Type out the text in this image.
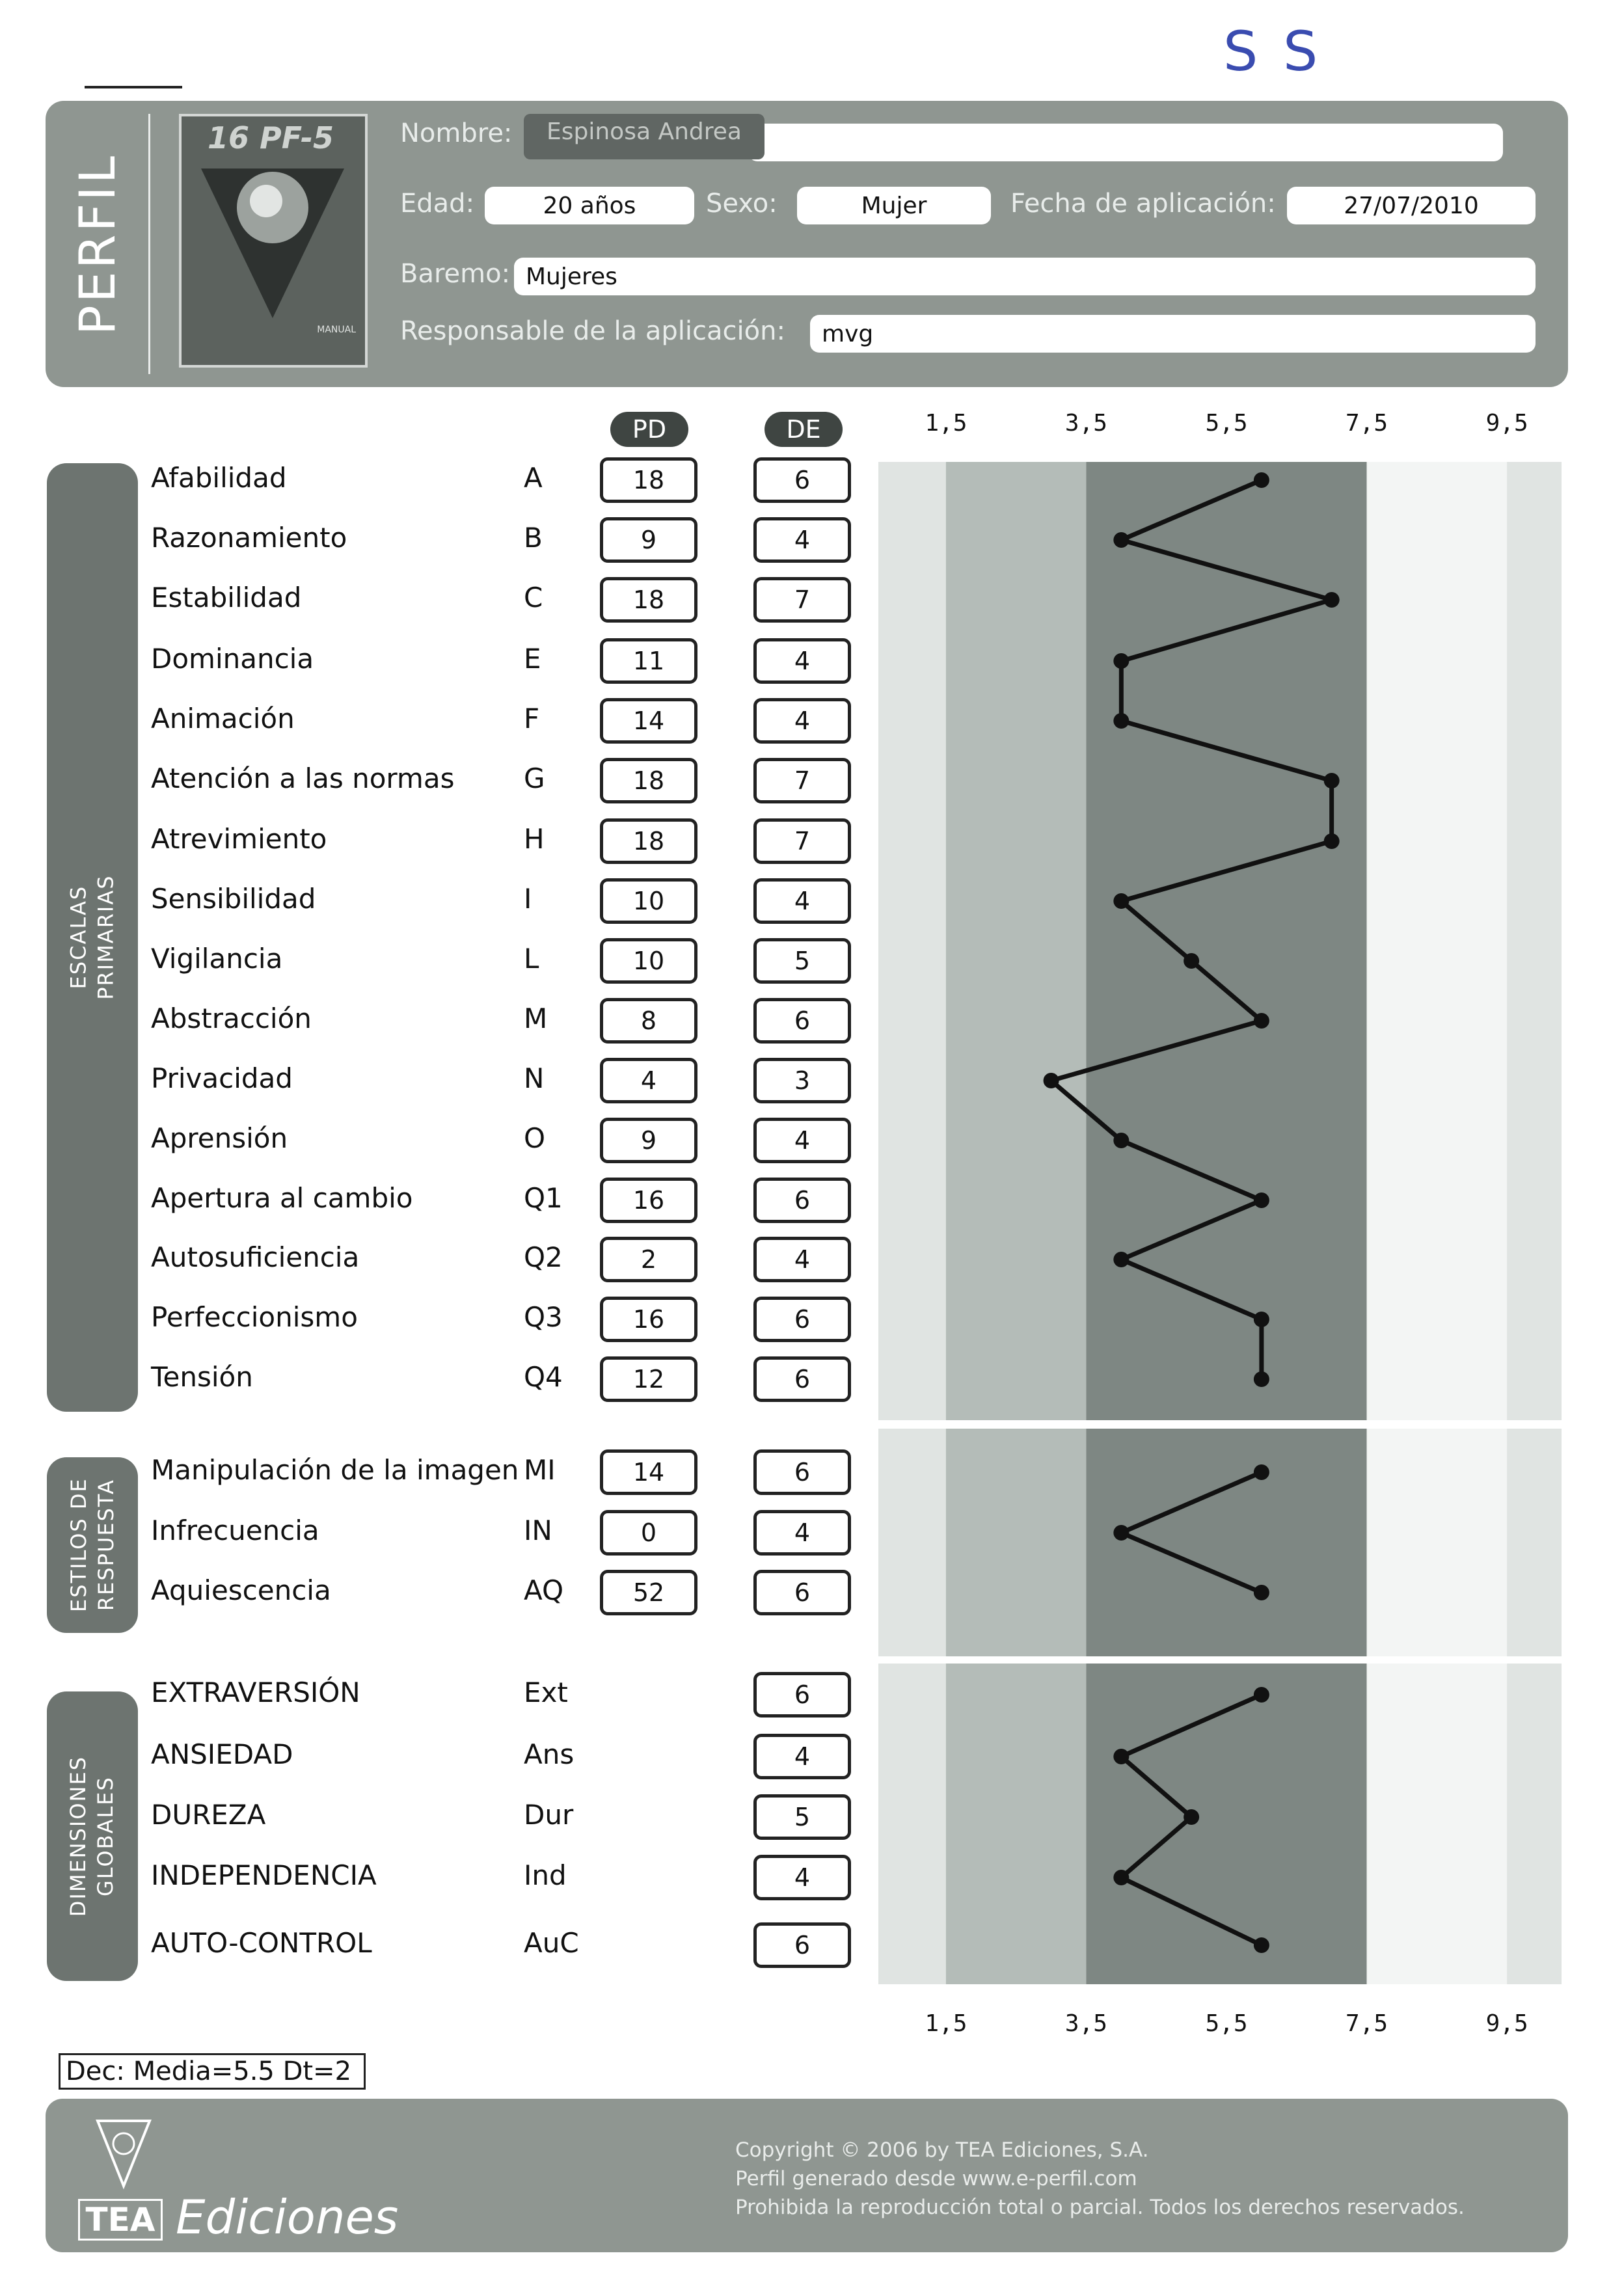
S S
PERFIL
16 PF-5
MANUAL
Nombre: Espinosa Andrea
Edad:	20 años	Sexo:	Mujer	Fecha de aplicación:	27/07/2010
Baremo: Mujeres
Responsable de la aplicación:	mvg
PD	DE	1,5	3,5	5,5	7,5	9,5
1,5	3,5	5,5	7,5	9,5
ESCALAS PRIMARIAS
ESTILOS DE RESPUESTA
DIMENSIONES GLOBALES
Afabilidad	A	18	6
Razonamiento	B	9	4
Estabilidad	C	18	7
Dominancia	E	11	4
Animación	F	14	4
Atención a las normas	G	18	7
Atrevimiento	H	18	7
Sensibilidad	I	10	4
Vigilancia	L	10	5
Abstracción	M	8	6
Privacidad	N	4	3
Aprensión	O	9	4
Apertura al cambio	Q1	16	6
Autosuficiencia	Q2	2	4
Perfeccionismo	Q3	16	6
Tensión	Q4	12	6
Manipulación de la imagen MI	14	6
Infrecuencia	IN	0	4
Aquiescencia	AQ	52	6
EXTRAVERSIÓN	Ext	6
ANSIEDAD	Ans	4
DUREZA	Dur	5
INDEPENDENCIA	Ind	4
AUTO-CONTROL	AuC	6
Dec: Media=5.5 Dt=2
TEA Ediciones
Copyright © 2006 by TEA Ediciones, S.A.
Perfil generado desde www.e-perfil.com
Prohibida la reproducción total o parcial. Todos los derechos reservados.
